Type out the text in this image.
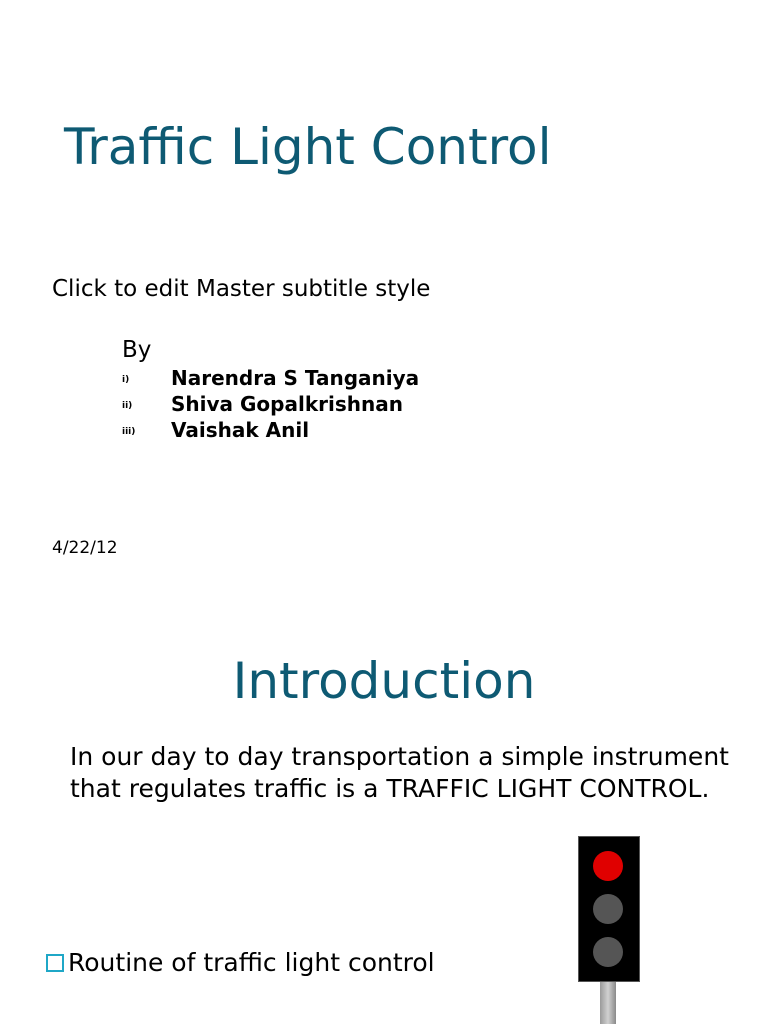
Traffic Light Control
Click to edit Master subtitle style
By
i) Narendra S Tanganiya
ii) Shiva Gopalkrishnan
iii) Vaishak Anil
4/22/12
Introduction
In our day to day transportation a simple instrument that regulates traffic is a TRAFFIC LIGHT CONTROL.
Routine of traffic light control
